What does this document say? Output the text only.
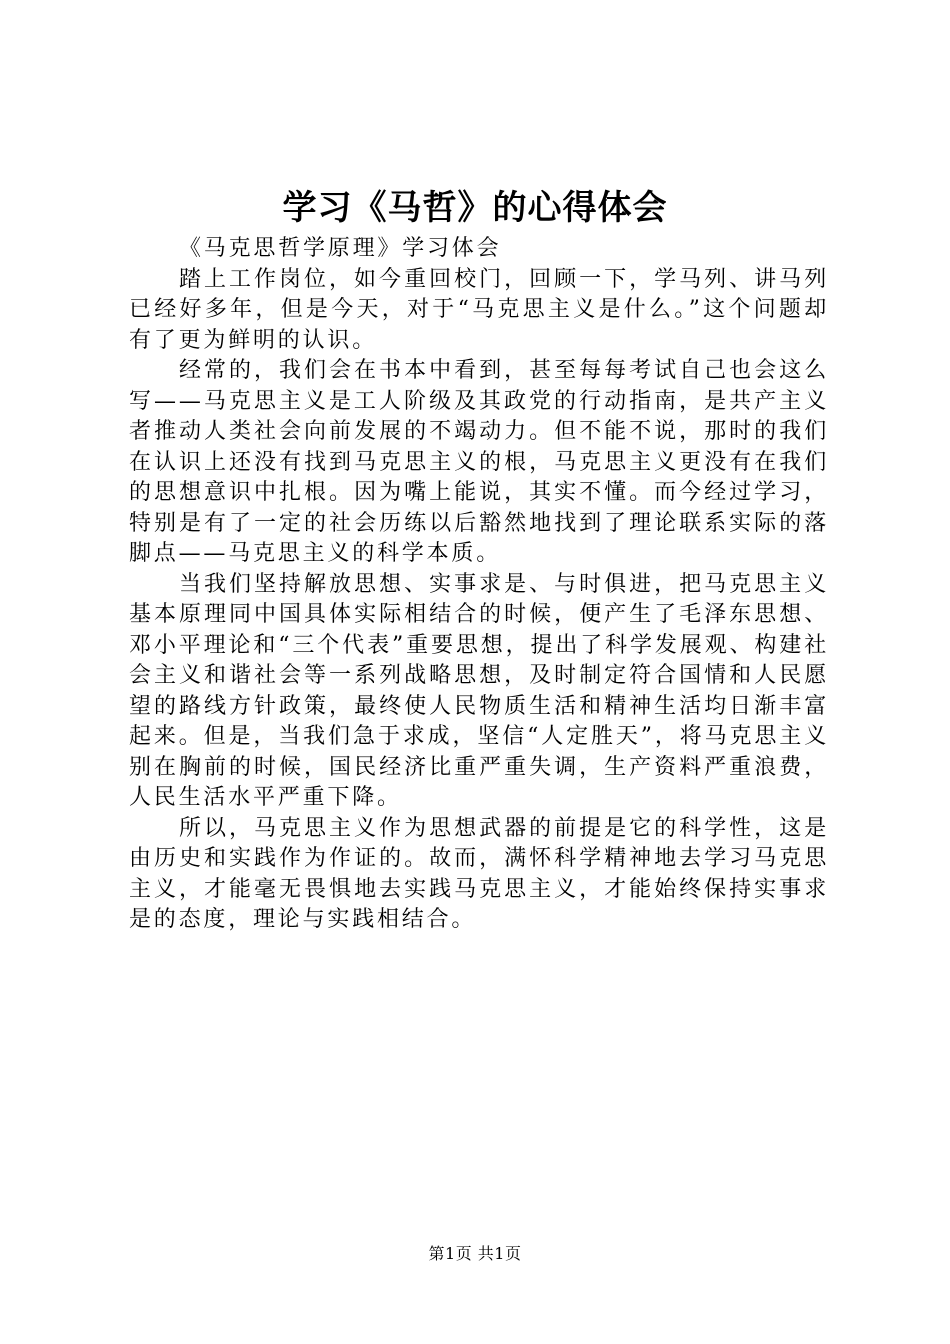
学习《马哲》的心得体会

《马克思哲学原理》学习体会

踏上工作岗位，如今重回校门，回顾一下，学马列、讲马列已经好多年，但是今天，对于“马克思主义是什么。”这个问题却有了更为鲜明的认识。

经常的，我们会在书本中看到，甚至每每考试自己也会这么写——马克思主义是工人阶级及其政党的行动指南，是共产主义者推动人类社会向前发展的不竭动力。但不能不说，那时的我们在认识上还没有找到马克思主义的根，马克思主义更没有在我们的思想意识中扎根。因为嘴上能说，其实不懂。而今经过学习，特别是有了一定的社会历练以后豁然地找到了理论联系实际的落脚点——马克思主义的科学本质。

当我们坚持解放思想、实事求是、与时俱进，把马克思主义基本原理同中国具体实际相结合的时候，便产生了毛泽东思想、邓小平理论和“三个代表”重要思想，提出了科学发展观、构建社会主义和谐社会等一系列战略思想，及时制定符合国情和人民愿望的路线方针政策，最终使人民物质生活和精神生活均日渐丰富起来。但是，当我们急于求成，坚信“人定胜天”，将马克思主义别在胸前的时候，国民经济比重严重失调，生产资料严重浪费，人民生活水平严重下降。

所以，马克思主义作为思想武器的前提是它的科学性，这是由历史和实践作为作证的。故而，满怀科学精神地去学习马克思主义，才能毫无畏惧地去实践马克思主义，才能始终保持实事求是的态度，理论与实践相结合。

第1页 共1页
